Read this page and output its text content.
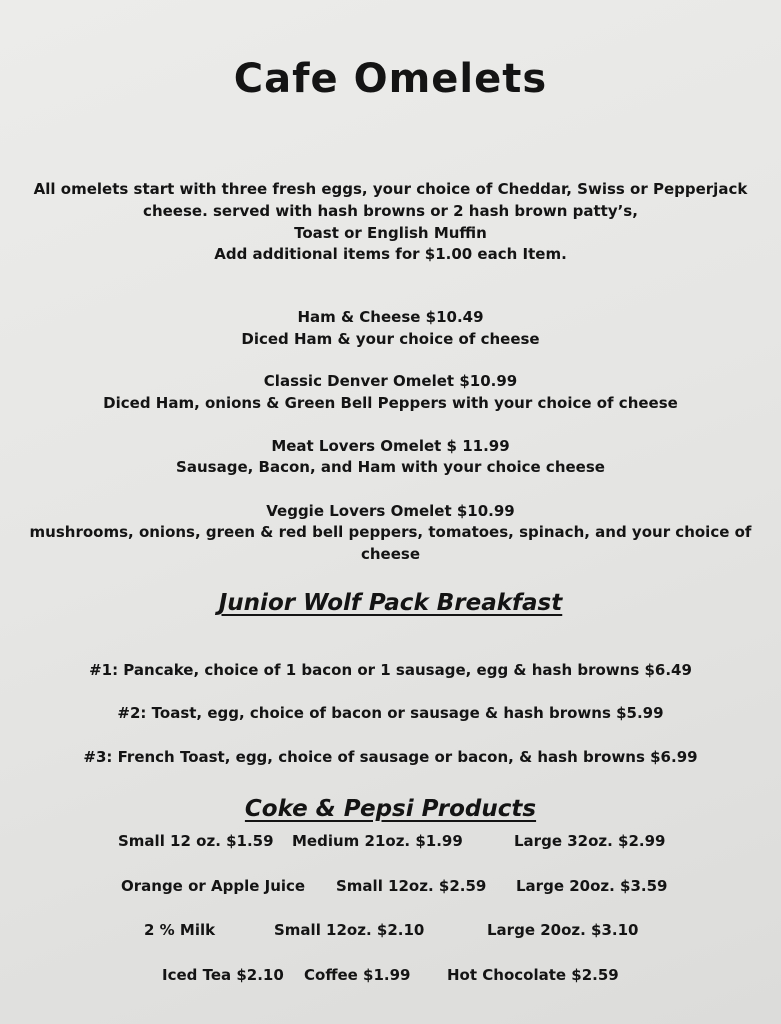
Cafe Omelets
All omelets start with three fresh eggs, your choice of Cheddar, Swiss or Pepperjack
cheese. served with hash browns or 2 hash brown patty’s,
Toast or English Muffin
Add additional items for $1.00 each Item.
Ham & Cheese $10.49
Diced Ham & your choice of cheese
Classic Denver Omelet $10.99
Diced Ham, onions & Green Bell Peppers with your choice of cheese
Meat Lovers Omelet $ 11.99
Sausage, Bacon, and Ham with your choice cheese
Veggie Lovers Omelet $10.99
mushrooms, onions, green & red bell peppers, tomatoes, spinach, and your choice of
cheese
Junior Wolf Pack Breakfast
#1: Pancake, choice of 1 bacon or 1 sausage, egg & hash browns $6.49
#2: Toast, egg, choice of bacon or sausage & hash browns $5.99
#3: French Toast, egg, choice of sausage or bacon, & hash browns $6.99
Coke & Pepsi Products
Small 12 oz. $1.59 Medium 21oz. $1.99	Large 32oz. $2.99
Orange or Apple Juice Small 12oz. $2.59 Large 20oz. $3.59
2 % Milk	Small 12oz. $2.10	Large 20oz. $3.10
Iced Tea $2.10 Coffee $1.99 Hot Chocolate $2.59
